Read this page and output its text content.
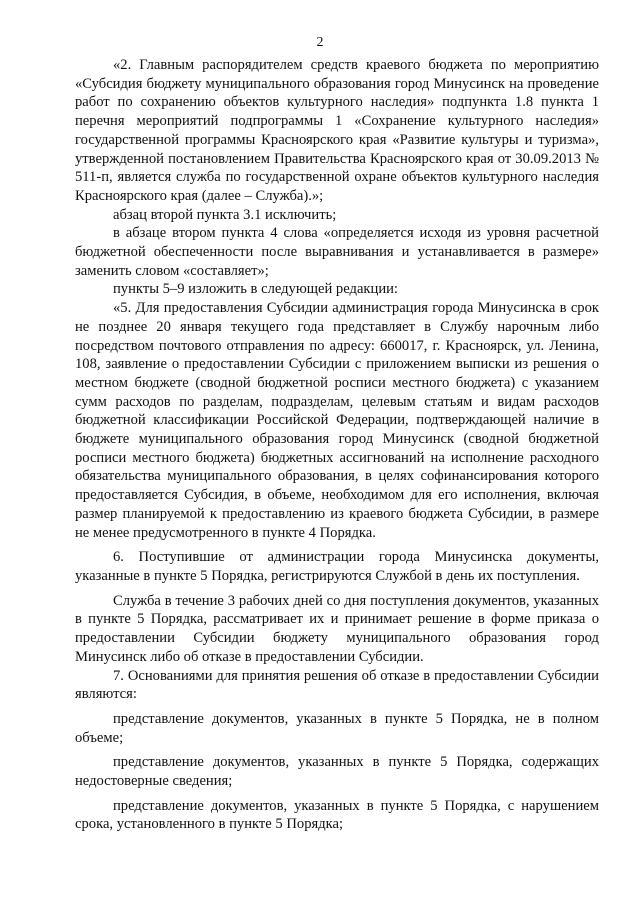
2

«2. Главным распорядителем средств краевого бюджета по мероприятию «Субсидия бюджету муниципального образования город Минусинск на проведение работ по сохранению объектов культурного наследия» подпункта 1.8 пункта 1 перечня мероприятий подпрограммы 1 «Сохранение культурного наследия» государственной программы Красноярского края «Развитие культуры и туризма», утвержденной постановлением Правительства Красноярского края от 30.09.2013 № 511-п, является служба по государственной охране объектов культурного наследия Красноярского края (далее – Служба).»;

абзац второй пункта 3.1 исключить;

в абзаце втором пункта 4 слова «определяется исходя из уровня расчетной бюджетной обеспеченности после выравнивания и устанавливается в размере» заменить словом «составляет»;

пункты 5–9 изложить в следующей редакции:

«5. Для предоставления Субсидии администрация города Минусинска в срок не позднее 20 января текущего года представляет в Службу нарочным либо посредством почтового отправления по адресу: 660017, г. Красноярск, ул. Ленина, 108, заявление о предоставлении Субсидии с приложением выписки из решения о местном бюджете (сводной бюджетной росписи местного бюджета) с указанием сумм расходов по разделам, подразделам, целевым статьям и видам расходов бюджетной классификации Российской Федерации, подтверждающей наличие в бюджете муниципального образования город Минусинск (сводной бюджетной росписи местного бюджета) бюджетных ассигнований на исполнение расходного обязательства муниципального образования, в целях софинансирования которого предоставляется Субсидия, в объеме, необходимом для его исполнения, включая размер планируемой к предоставлению из краевого бюджета Субсидии, в размере не менее предусмотренного в пункте 4 Порядка.

6. Поступившие от администрации города Минусинска документы, указанные в пункте 5 Порядка, регистрируются Службой в день их поступления.

Служба в течение 3 рабочих дней со дня поступления документов, указанных в пункте 5 Порядка, рассматривает их и принимает решение в форме приказа о предоставлении Субсидии бюджету муниципального образования город Минусинск либо об отказе в предоставлении Субсидии.

7. Основаниями для принятия решения об отказе в предоставлении Субсидии являются:

представление документов, указанных в пункте 5 Порядка, не в полном объеме;

представление документов, указанных в пункте 5 Порядка, содержащих недостоверные сведения;

представление документов, указанных в пункте 5 Порядка, с нарушением срока, установленного в пункте 5 Порядка;
